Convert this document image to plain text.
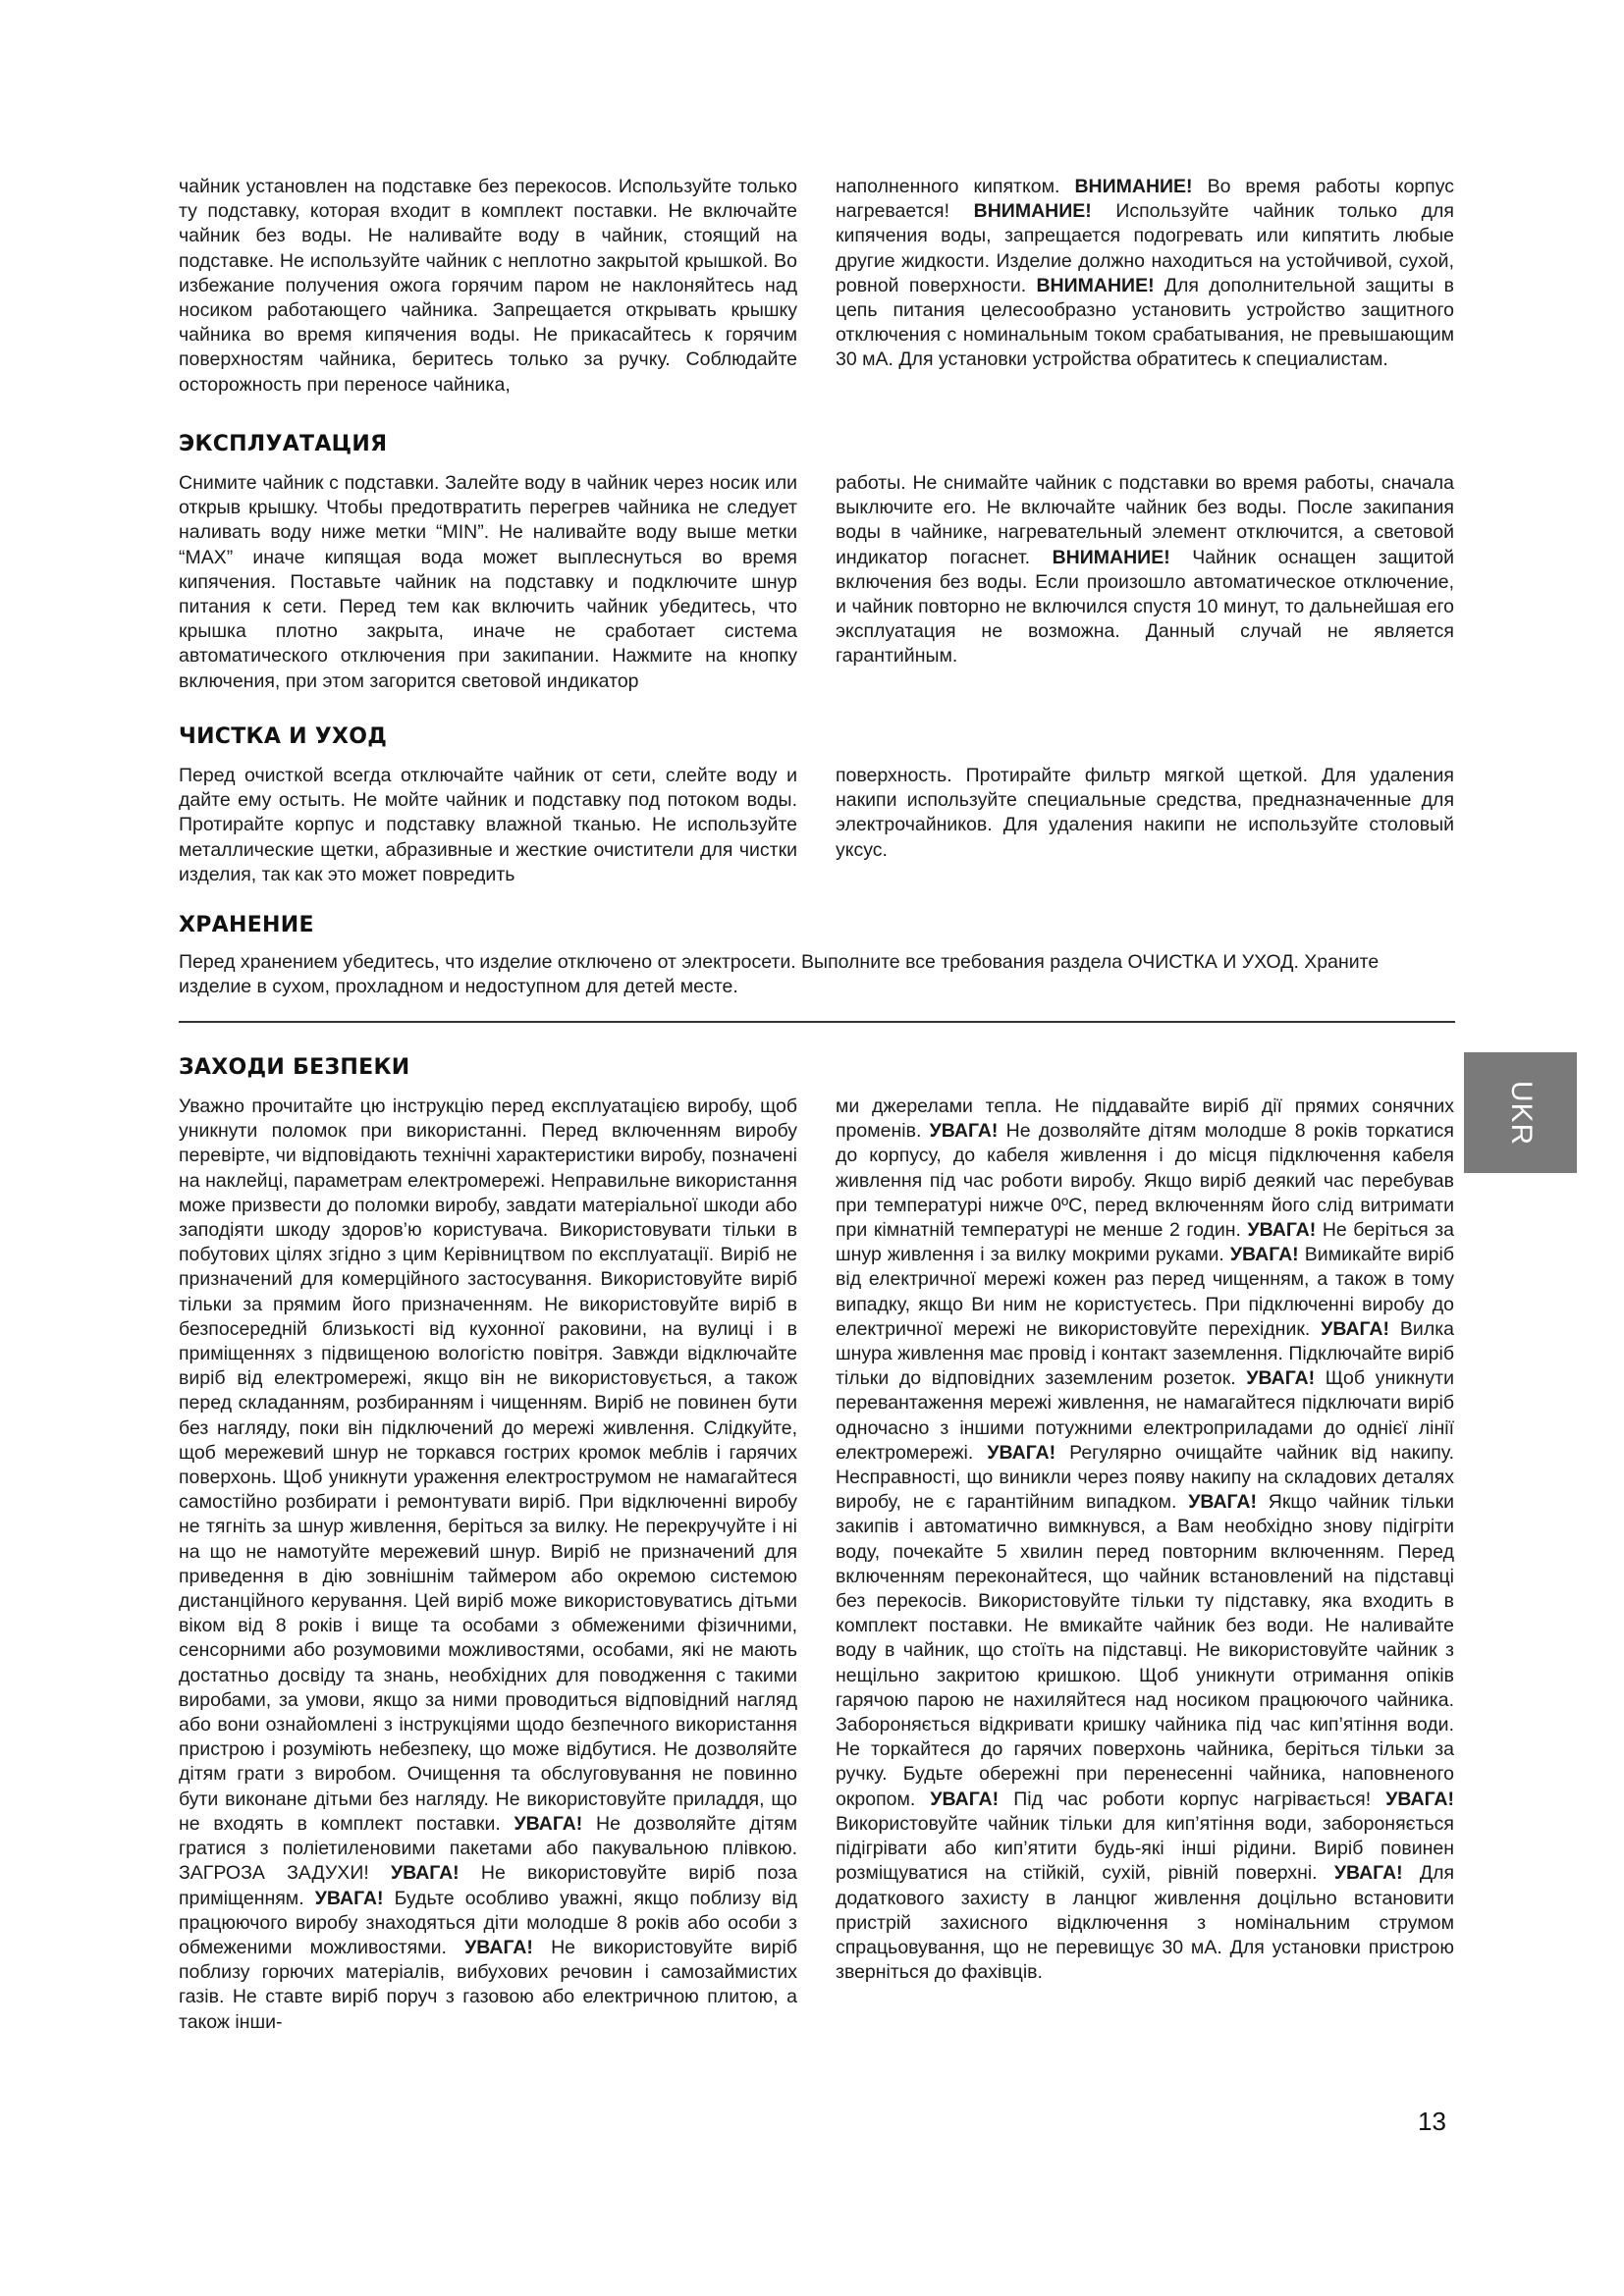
чайник установлен на подставке без перекосов. Используйте только ту подставку, которая входит в комплект поставки. Не включайте чайник без воды. Не наливайте воду в чайник, стоящий на подставке. Не используйте чайник с неплотно закрытой крышкой. Во избежание получения ожога горячим паром не наклоняйтесь над носиком работающего чайника. Запрещается открывать крышку чайника во время кипячения воды. Не прикасайтесь к горячим поверхностям чайника, беритесь только за ручку. Соблюдайте осторожность при переносе чайника,

наполненного кипятком. ВНИМАНИЕ! Во время работы корпус нагревается! ВНИМАНИЕ! Используйте чайник только для кипячения воды, запрещается подогревать или кипятить любые другие жидкости. Изделие должно находиться на устойчивой, сухой, ровной поверхности. ВНИМАНИЕ! Для дополнительной защиты в цепь питания целесообразно установить устройство защитного отключения с номинальным током срабатывания, не превышающим 30 мА. Для установки устройства обратитесь к специалистам.

ЭКСПЛУАТАЦИЯ

Снимите чайник с подставки. Залейте воду в чайник через носик или открыв крышку. Чтобы предотвратить перегрев чайника не следует наливать воду ниже метки “MIN”. Не наливайте воду выше метки “MAX” иначе кипящая вода может выплеснуться во время кипячения. Поставьте чайник на подставку и подключите шнур питания к сети. Перед тем как включить чайник убедитесь, что крышка плотно закрыта, иначе не сработает система автоматического отключения при закипании. Нажмите на кнопку включения, при этом загорится световой индикатор

работы. Не снимайте чайник с подставки во время работы, сначала выключите его. Не включайте чайник без воды. После закипания воды в чайнике, нагревательный элемент отключится, а световой индикатор погаснет. ВНИМАНИЕ! Чайник оснащен защитой включения без воды. Если произошло автоматическое отключение, и чайник повторно не включился спустя 10 минут, то дальнейшая его эксплуатация не возможна. Данный случай не является гарантийным.

ЧИСТКА И УХОД

Перед очисткой всегда отключайте чайник от сети, слейте воду и дайте ему остыть. Не мойте чайник и подставку под потоком воды. Протирайте корпус и подставку влажной тканью. Не используйте металлические щетки, абразивные и жесткие очистители для чистки изделия, так как это может повредить

поверхность. Протирайте фильтр мягкой щеткой. Для удаления накипи используйте специальные средства, предназначенные для электрочайников. Для удаления накипи не используйте столовый уксус.

ХРАНЕНИЕ

Перед хранением убедитесь, что изделие отключено от электросети. Выполните все требования раздела ОЧИСТКА И УХОД. Храните изделие в сухом, прохладном и недоступном для детей месте.

UKR
ЗАХОДИ БЕЗПЕКИ

Уважно прочитайте цю інструкцію перед експлуатацією виробу, щоб уникнути поломок при використанні. Перед включенням виробу перевірте, чи відповідають технічні характеристики виробу, позначені на наклейці, параметрам електромережі. Неправильне використання може призвести до поломки виробу, завдати матеріальної шкоди або заподіяти шкоду здоров’ю користувача. Використовувати тільки в побутових цілях згідно з цим Керівництвом по експлуатації. Виріб не призначений для комерційного застосування. Використовуйте виріб тільки за прямим його призначенням. Не використовуйте виріб в безпосередній близькості від кухонної раковини, на вулиці і в приміщеннях з підвищеною вологістю повітря. Завжди відключайте виріб від електромережі, якщо він не використовується, а також перед складанням, розбиранням і чищенням. Виріб не повинен бути без нагляду, поки він підключений до мережі живлення. Слідкуйте, щоб мережевий шнур не торкався гострих кромок меблів і гарячих поверхонь. Щоб уникнути ураження електрострумом не намагайтеся самостійно розбирати і ремонтувати виріб. При відключенні виробу не тягніть за шнур живлення, беріться за вилку. Не перекручуйте і ні на що не намотуйте мережевий шнур. Виріб не призначений для приведення в дію зовнішнім таймером або окремою системою дистанційного керування. Цей виріб може використовуватись дітьми віком від 8 років і вище та особами з обмеженими фізичними, сенсорними або розумовими можливостями, особами, які не мають достатньо досвіду та знань, необхідних для поводження с такими виробами, за умови, якщо за ними проводиться відповідний нагляд або вони ознайомлені з інструкціями щодо безпечного використання пристрою і розуміють небезпеку, що може відбутися. Не дозволяйте дітям грати з виробом. Очищення та обслуговування не повинно бути виконане дітьми без нагляду. Не використовуйте приладдя, що не входять в комплект поставки. УВАГА! Не дозволяйте дітям гратися з поліетиленовими пакетами або пакувальною плівкою. ЗАГРОЗА ЗАДУХИ! УВАГА! Не використовуйте виріб поза приміщенням. УВАГА! Будьте особливо уважні, якщо поблизу від працюючого виробу знаходяться діти молодше 8 років або особи з обмеженими можливостями. УВАГА! Не використовуйте виріб поблизу горючих матеріалів, вибухових речовин і самозаймистих газів. Не ставте виріб поруч з газовою або електричною плитою, а також інши-

ми джерелами тепла. Не піддавайте виріб дії прямих сонячних променів. УВАГА! Не дозволяйте дітям молодше 8 років торкатися до корпусу, до кабеля живлення і до місця підключення кабеля живлення під час роботи виробу. Якщо виріб деякий час перебував при температурі нижче 0ºC, перед включенням його слід витримати при кімнатній температурі не менше 2 годин. УВАГА! Не беріться за шнур живлення і за вилку мокрими руками. УВАГА! Вимикайте виріб від електричної мережі кожен раз перед чищенням, а також в тому випадку, якщо Ви ним не користуєтесь. При підключенні виробу до електричної мережі не використовуйте перехідник. УВАГА! Вилка шнура живлення має провід і контакт заземлення. Підключайте виріб тільки до відповідних заземленим розеток. УВАГА! Щоб уникнути перевантаження мережі живлення, не намагайтеся підключати виріб одночасно з іншими потужними електроприладами до однієї лінії електромережі. УВАГА! Регулярно очищайте чайник від накипу. Несправності, що виникли через появу накипу на складових деталях виробу, не є гарантійним випадком. УВАГА! Якщо чайник тільки закипів і автоматично вимкнувся, а Вам необхідно знову підігріти воду, почекайте 5 хвилин перед повторним включенням. Перед включенням переконайтеся, що чайник встановлений на підставці без перекосів. Використовуйте тільки ту підставку, яка входить в комплект поставки. Не вмикайте чайник без води. Не наливайте воду в чайник, що стоїть на підставці. Не використовуйте чайник з нещільно закритою кришкою. Щоб уникнути отримання опіків гарячою парою не нахиляйтеся над носиком працюючого чайника. Забороняється відкривати кришку чайника під час кип’ятіння води. Не торкайтеся до гарячих поверхонь чайника, беріться тільки за ручку. Будьте обережні при перенесенні чайника, наповненого окропом. УВАГА! Під час роботи корпус нагрівається! УВАГА! Використовуйте чайник тільки для кип’ятіння води, забороняється підігрівати або кип’ятити будь-які інші рідини. Виріб повинен розміщуватися на стійкій, сухій, рівній поверхні. УВАГА! Для додаткового захисту в ланцюг живлення доцільно встановити пристрій захисного відключення з номінальним струмом спрацьовування, що не перевищує 30 мА. Для установки пристрою зверніться до фахівців.

13
